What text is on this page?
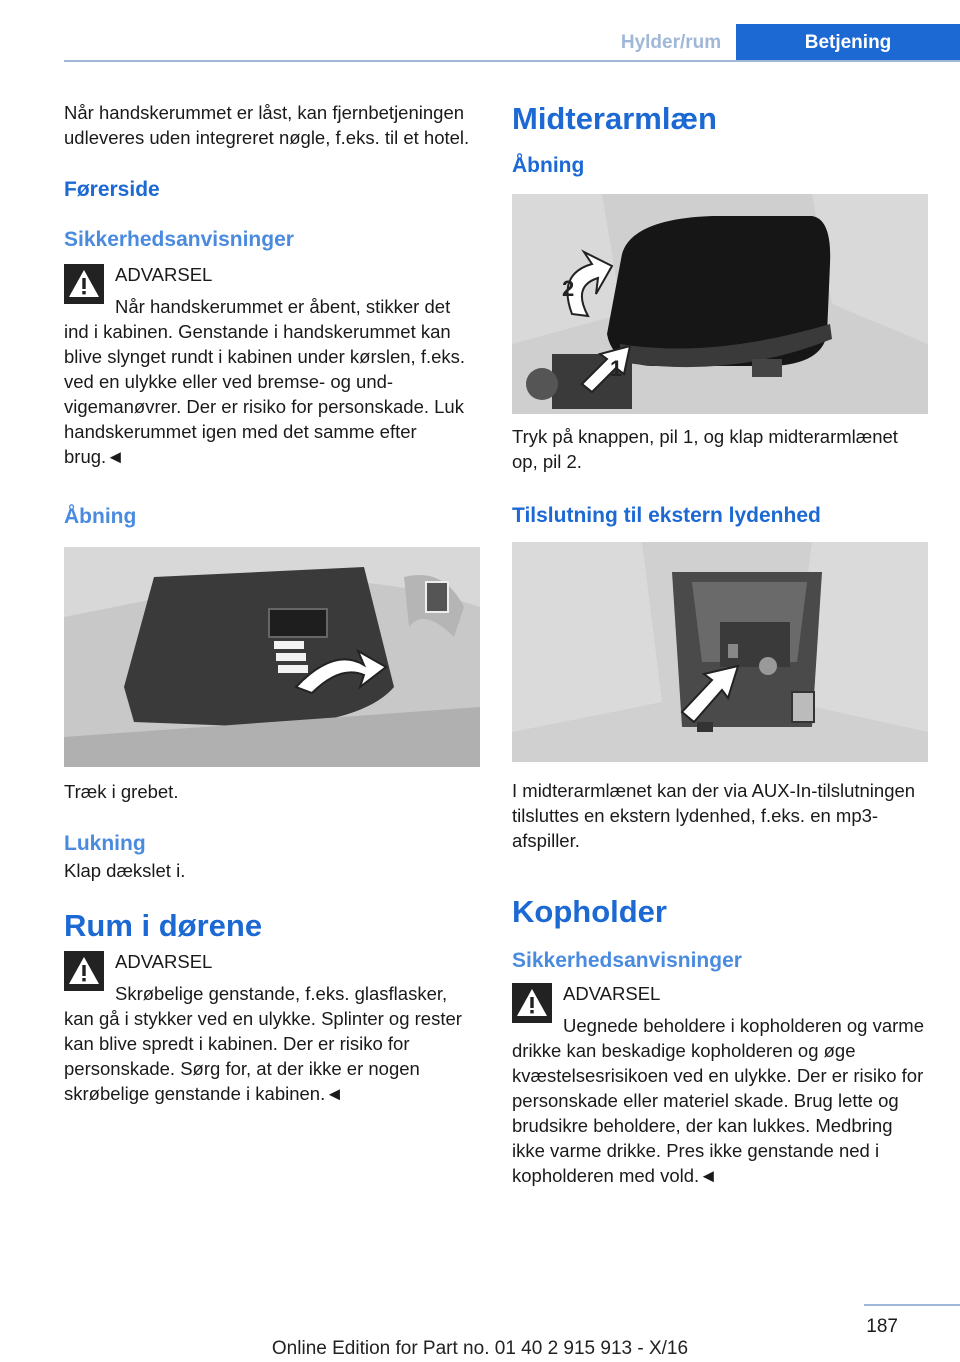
Hylder/rum	Betjening

Når handskerummet er låst, kan fjernbetjeningen udleveres uden integreret nøgle, f.eks. til et hotel.

Førerside
Sikkerhedsanvisninger
ADVARSEL

Når handskerummet er åbent, stikker det ind i kabinen. Genstande i handskerummet kan blive slynget rundt i kabinen under kørslen, f.eks. ved en ulykke eller ved bremse- og undvigemanøvrer. Der er risiko for personskade. Luk handskerummet igen med det samme efter brug.◄

Åbning

Træk i grebet.

Lukning

Klap dækslet i.

Rum i dørene
ADVARSEL

Skrøbelige genstande, f.eks. glasflasker, kan gå i stykker ved en ulykke. Splinter og rester kan blive spredt i kabinen. Der er risiko for personskade. Sørg for, at der ikke er nogen skrøbelige genstande i kabinen.◄

Midterarmlæn
Åbning
2
1

Tryk på knappen, pil 1, og klap midterarmlænet op, pil 2.

Tilslutning til ekstern lydenhed

I midterarmlænet kan der via AUX-In-tilslutningen tilsluttes en ekstern lydenhed, f.eks. en mp3-afspiller.

Kopholder
Sikkerhedsanvisninger
ADVARSEL

Uegnede beholdere i kopholderen og varme drikke kan beskadige kopholderen og øge kvæstelsesrisikoen ved en ulykke. Der er risiko for personskade eller materiel skade. Brug lette og brudsikre beholdere, der kan lukkes. Medbring ikke varme drikke. Pres ikke genstande ned i kopholderen med vold.◄

187
Online Edition for Part no. 01 40 2 915 913 - X/16
